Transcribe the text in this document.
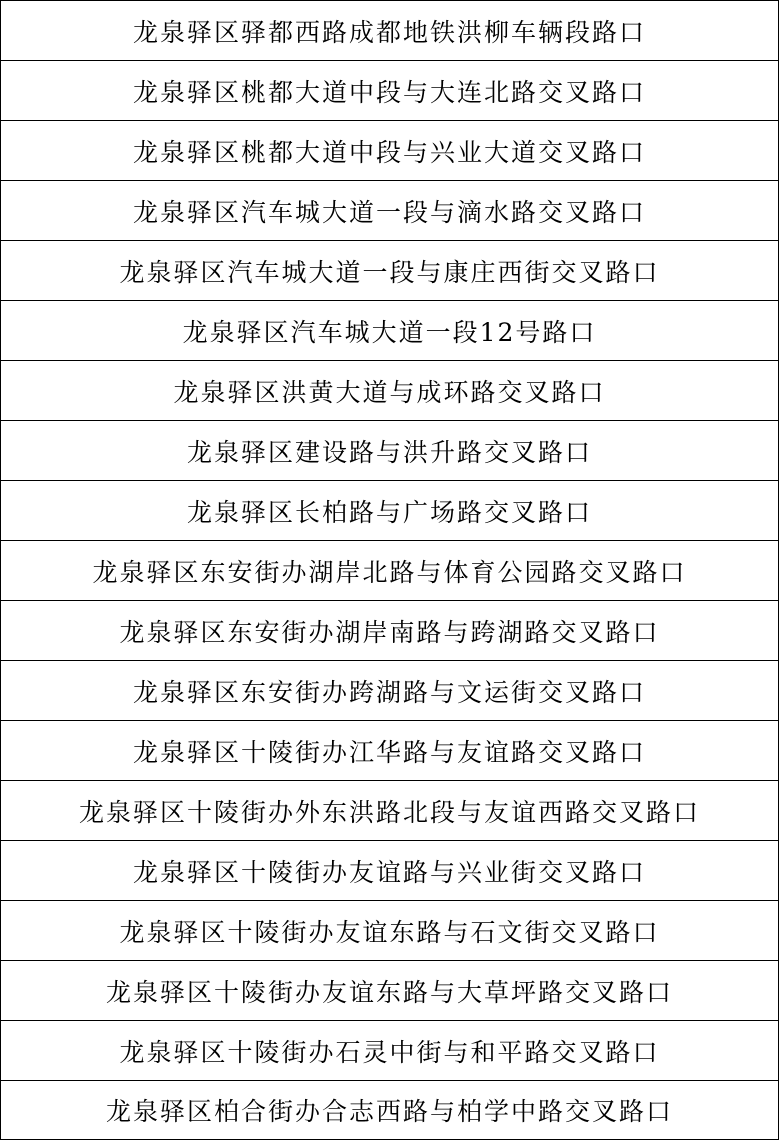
龙泉驿区驿都西路成都地铁洪柳车辆段路口
龙泉驿区桃都大道中段与大连北路交叉路口
龙泉驿区桃都大道中段与兴业大道交叉路口
龙泉驿区汽车城大道一段与滴水路交叉路口
龙泉驿区汽车城大道一段与康庄西街交叉路口
龙泉驿区汽车城大道一段12号路口
龙泉驿区洪黄大道与成环路交叉路口
龙泉驿区建设路与洪升路交叉路口
龙泉驿区长柏路与广场路交叉路口
龙泉驿区东安街办湖岸北路与体育公园路交叉路口
龙泉驿区东安街办湖岸南路与跨湖路交叉路口
龙泉驿区东安街办跨湖路与文运街交叉路口
龙泉驿区十陵街办江华路与友谊路交叉路口
龙泉驿区十陵街办外东洪路北段与友谊西路交叉路口
龙泉驿区十陵街办友谊路与兴业街交叉路口
龙泉驿区十陵街办友谊东路与石文街交叉路口
龙泉驿区十陵街办友谊东路与大草坪路交叉路口
龙泉驿区十陵街办石灵中街与和平路交叉路口
龙泉驿区柏合街办合志西路与柏学中路交叉路口
